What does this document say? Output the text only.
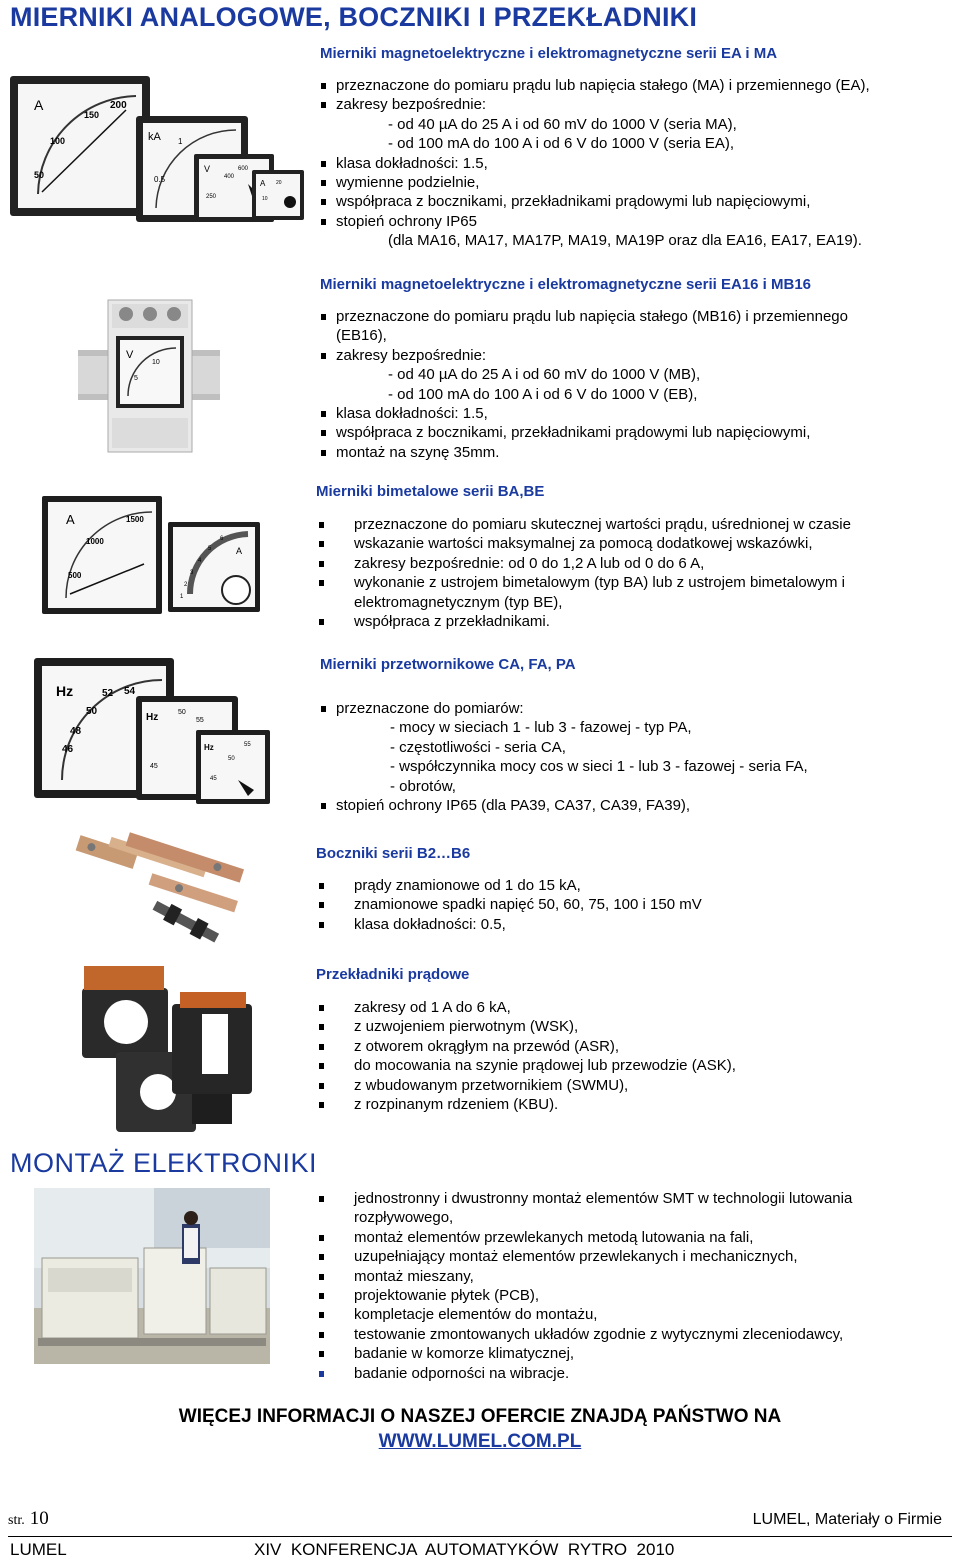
MIERNIKI ANALOGOWE, BOCZNIKI I PRZEKŁADNIKI
A	200
150
100
50
kA 1
0.5
V	600
400
250
A 20
10
Mierniki magnetoelektryczne i elektromagnetyczne serii EA i MA
przeznaczone do pomiaru prądu lub napięcia stałego (MA) i przemiennego (EA),
zakresy bezpośrednie:
- od 40 µA do 25 A i od 60 mV do 1000 V (seria MA),
- od 100 mA do 100 A i od 6 V do 1000 V (seria EA),
klasa dokładności: 1.5,
wymienne podzielnie,
współpraca z bocznikami, przekładnikami prądowymi lub napięciowymi,
stopień ochrony IP65
(dla MA16, MA17, MA17P, MA19, MA19P oraz dla EA16, EA17, EA19).
V
10
5
Mierniki magnetoelektryczne i elektromagnetyczne serii EA16 i MB16
przeznaczone do pomiaru prądu lub napięcia stałego (MB16) i przemiennego
(EB16),
zakresy bezpośrednie:
- od 40 µA do 25 A i od 60 mV do 1000 V (MB),
- od 100 mA do 100 A i od 6 V do 1000 V (EB),
klasa dokładności: 1.5,
współpraca z bocznikami, przekładnikami prądowymi lub napięciowymi,
montaż na szynę 35mm.
A	1500
1000
500
A
6
5
4
3
2
1
Mierniki bimetalowe serii BA,BE
przeznaczone do pomiaru skutecznej wartości prądu, uśrednionej w czasie
wskazanie wartości maksymalnej za pomocą dodatkowej wskazówki,
zakresy bezpośrednie: od 0 do 1,2 A lub od 0 do 6 A,
wykonanie z ustrojem bimetalowym (typ BA) lub z ustrojem bimetalowym i
elektromagnetycznym (typ BE),
współpraca z przekładnikami.
Hz	52 54
50
48
46
Hz	50
55
45
Hz	55
50
45
Mierniki przetwornikowe CA, FA, PA
przeznaczone do pomiarów:
- mocy w sieciach 1 - lub 3 - fazowej - typ PA,
- częstotliwości - seria CA,
- współczynnika mocy cos w sieci 1 - lub 3 - fazowej - seria FA,
- obrotów,
stopień ochrony IP65 (dla PA39, CA37, CA39, FA39),
Boczniki serii B2…B6
prądy znamionowe od 1 do 15 kA,
znamionowe spadki napięć 50, 60, 75, 100 i 150 mV
klasa dokładności: 0.5,
Przekładniki prądowe
zakresy od 1 A do 6 kA,
z uzwojeniem pierwotnym (WSK),
z otworem okrągłym na przewód (ASR),
do mocowania na szynie prądowej lub przewodzie (ASK),
z wbudowanym przetwornikiem (SWMU),
z rozpinanym rdzeniem (KBU).
MONTAŻ ELEKTRONIKI
jednostronny i dwustronny montaż elementów SMT w technologii lutowania
rozpływowego,
montaż elementów przewlekanych metodą lutowania na fali,
uzupełniający montaż elementów przewlekanych i mechanicznych,
montaż mieszany,
projektowanie płytek (PCB),
kompletacje elementów do montażu,
testowanie zmontowanych układów zgodnie z wytycznymi zleceniodawcy,
badanie w komorze klimatycznej,
badanie odporności na wibracje.
WIĘCEJ INFORMACJI O NASZEJ OFERCIE ZNAJDĄ PAŃSTWO NA
WWW.LUMEL.COM.PL
str. 10	LUMEL, Materiały o Firmie
LUMEL	XIV  KONFERENCJA  AUTOMATYKÓW  RYTRO  2010
